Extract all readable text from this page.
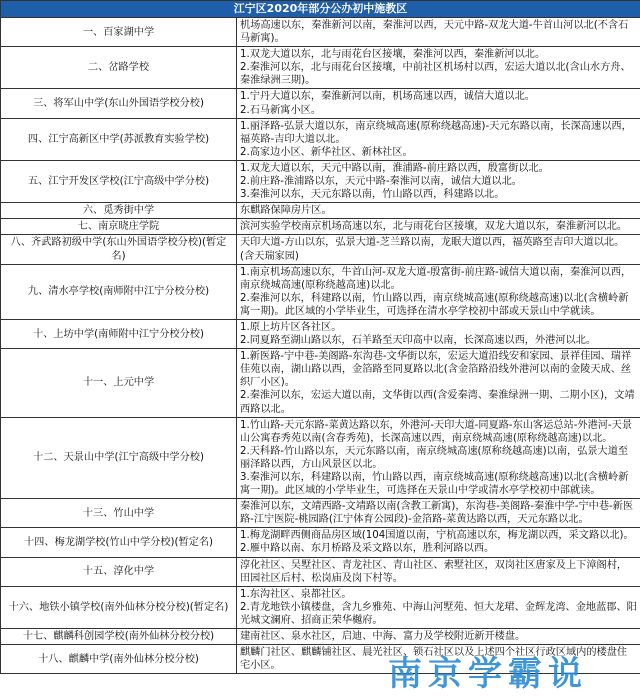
江宁区2020年部分公办初中施教区	
一、百家湖中学	机场高速以东，秦淮新河以南，秦淮河以西，天元中路-双龙大道-牛首山河以北(不含石马新寓)。
二、岔路学校	1.双龙大道以东，北与雨花台区接壤，秦淮河以西，秦淮新河以北。
2.秦淮河以东，北与雨花台区接壤，中前社区机场村以西，宏运大道以北(含山水方舟、秦淮绿洲三期)。
三、将军山中学(东山外国语学校分校)	1.宁丹大道以东，秦淮新河以南，机场高速以西，诚信大道以北。
2.石马新寓小区。
四、江宁高新区中学(苏派教育实验学校)	1.丽泽路-弘景大道以东，南京绕城高速(原称绕越高速)-天元东路以南，长深高速以西，福英路-吉印大道以北。
2.高家边小区、新华社区、新林社区。
五、江宁开发区学校(江宁高级中学分校)	1.双龙大道以东，天元中路以南，淮浦路-前庄路以西，殷富街以北。
2.前庄路-淮浦路以东，天元中路-秦淮河以南，诚信大道以北。
3.秦淮河以东，天元东路以南，竹山路以西，科建路以北。
六、觅秀街中学	东麒路保障房片区。
七、南京晓庄学院	滨河实验学校南京机场高速以东，北与雨花台区接壤，双龙大道以东，秦淮新河以北。
八、齐武路初级中学(东山外国语学校分校)(暂定名)	天印大道-方山以东，弘景大道-芝兰路以南，龙眠大道以西，福英路至吉印大道以北。(含天瑞家园)
九、清水亭学校(南师附中江宁分校分校)	1.南京机场高速以东，牛首山河-双龙大道-殷富街-前庄路-诚信大道以南，秦淮河以西，南京绕城高速(原称绕越高速)以北。
2.秦淮河以东，科建路以南，竹山路以西，南京绕城高速(原称绕越高速)以北(含横岭新寓一期)。此区域的小学毕业生，可选择在清水亭学校初中部或天景山中学就读。
十、上坊中学(南师附中江宁分校分校)	1.原上坊片区各社区。
2.同夏路至湖山路以东，石羊路至天印高中以南，长深高速以西，外港河以北。
十一、上元中学	1.新医路-宁中巷-美阁路-东沟巷-文华街以东，宏运大道沿线安和家园、景祥佳园、瑞祥佳苑以南，湖山路以西，金箔路至同夏路以北(含金箔路沿线外港河以南的金陵天成、丝织厂小区)。
2.秦淮河以东，宏运大道以南，文华街以西(含爱秦湾、秦淮绿洲一期、二期小区)，文靖西路以北。
十二、天景山中学(江宁高级中学分校)	1.竹山路-天元东路-菜黄达路以东，外港河-天印大道-同夏路-东山客运总站-外港河-天景山公寓春秀苑以南(含春秀苑)，长深高速以西，南京绕城高速(原称绕越高速)以北。
2.天科路-竹山路以东，天元东路以南，南京绕城高速(原称绕越高速)以南，弘景大道至丽泽路以西，方山风景区以北。
3.秦淮河以东，科建路以南，竹山路以西，南京绕城高速(原称绕越高速)以北(含横岭新寓一期)。此区域的小学毕业生，可选择在天景山中学或清水亭学校初中部就读。
十三、竹山中学	秦淮河以东，文靖西路-文靖路以南(含教工新寓)，东沟巷-美阁路-秦淮中学-宁中巷-新医路-江宁医院-桃园路(江宁体育公园段)-金箔路-菜黄达路以西，天元东路以北。
十四、梅龙湖学校(竹山中学分校)(暂定名)	1.梅龙湖畔西侧商品房区域(104国道以南，宁杭高速以东，梅龙湖以西，采文路以北)。
2.雁中路以南、东月桥路及采文路以东，胜利河路以西。
十五、淳化中学	淳化社区、吴墅社区、青龙社区、青山社区、索墅社区，双岗社区唐家及上下漳阁村，田园社区后村、松岗庙及岗下村等。
十六、地铁小镇学校(南外仙林分校分校)(暂定名)	1.东沟社区、泉都社区。
2.青龙地铁小镇楼盘，含九乡雅苑、中海山河墅苑、恒大龙珺、金辉龙湾、金地蓝郡、阳光城文澜府、招商正荣华樾府。
十七、麒麟科创园学校(南外仙林分校分校)	建南社区、泉水社区，启迪、中海、富力及学校附近新开楼盘。
十八、麒麟中学(南外仙林分校分校)	麒麟门社区、麒麟铺社区、晨光社区、锁石社区以及上述四个社区行政区域内的楼盘住宅小区。	南京学霸说
